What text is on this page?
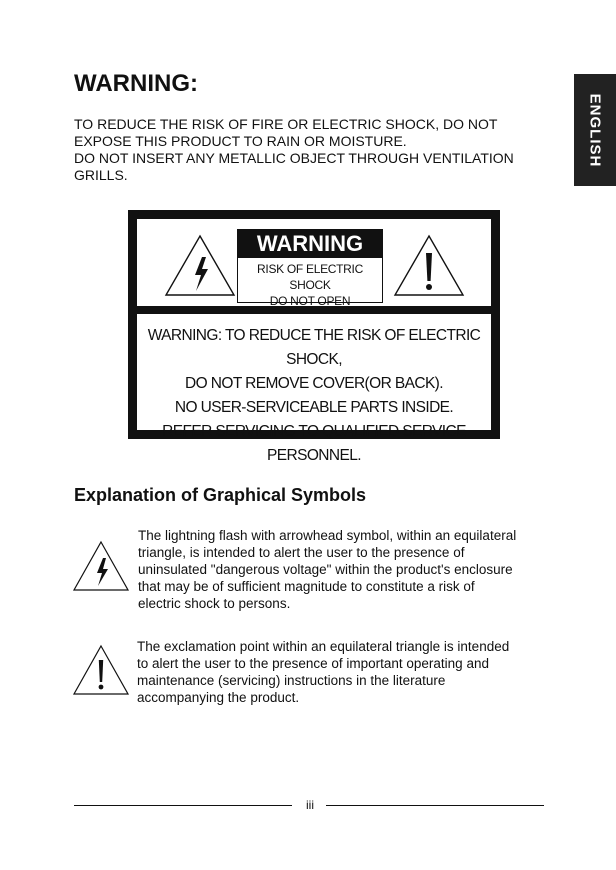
ENGLISH
WARNING:
TO REDUCE THE RISK OF FIRE OR ELECTRIC SHOCK, DO NOT
EXPOSE THIS PRODUCT TO RAIN OR MOISTURE.
DO NOT INSERT ANY METALLIC OBJECT THROUGH VENTILATION
GRILLS.
WARNING
RISK OF ELECTRIC SHOCK
DO NOT OPEN
WARNING: TO REDUCE THE RISK OF ELECTRIC SHOCK,
DO NOT REMOVE COVER(OR BACK).
NO USER-SERVICEABLE PARTS INSIDE.
REFER SERVICING TO QUALIFIED SERVICE PERSONNEL.
Explanation of Graphical Symbols
The lightning flash with arrowhead symbol, within an equilateral
triangle, is intended to alert the user to the presence of
uninsulated "dangerous voltage" within the product's enclosure
that may be of sufficient magnitude to constitute a risk of
electric shock to persons.
The exclamation point within an equilateral triangle is intended
to alert the user to the presence of important operating and
maintenance (servicing) instructions in the literature
accompanying the product.
iii
